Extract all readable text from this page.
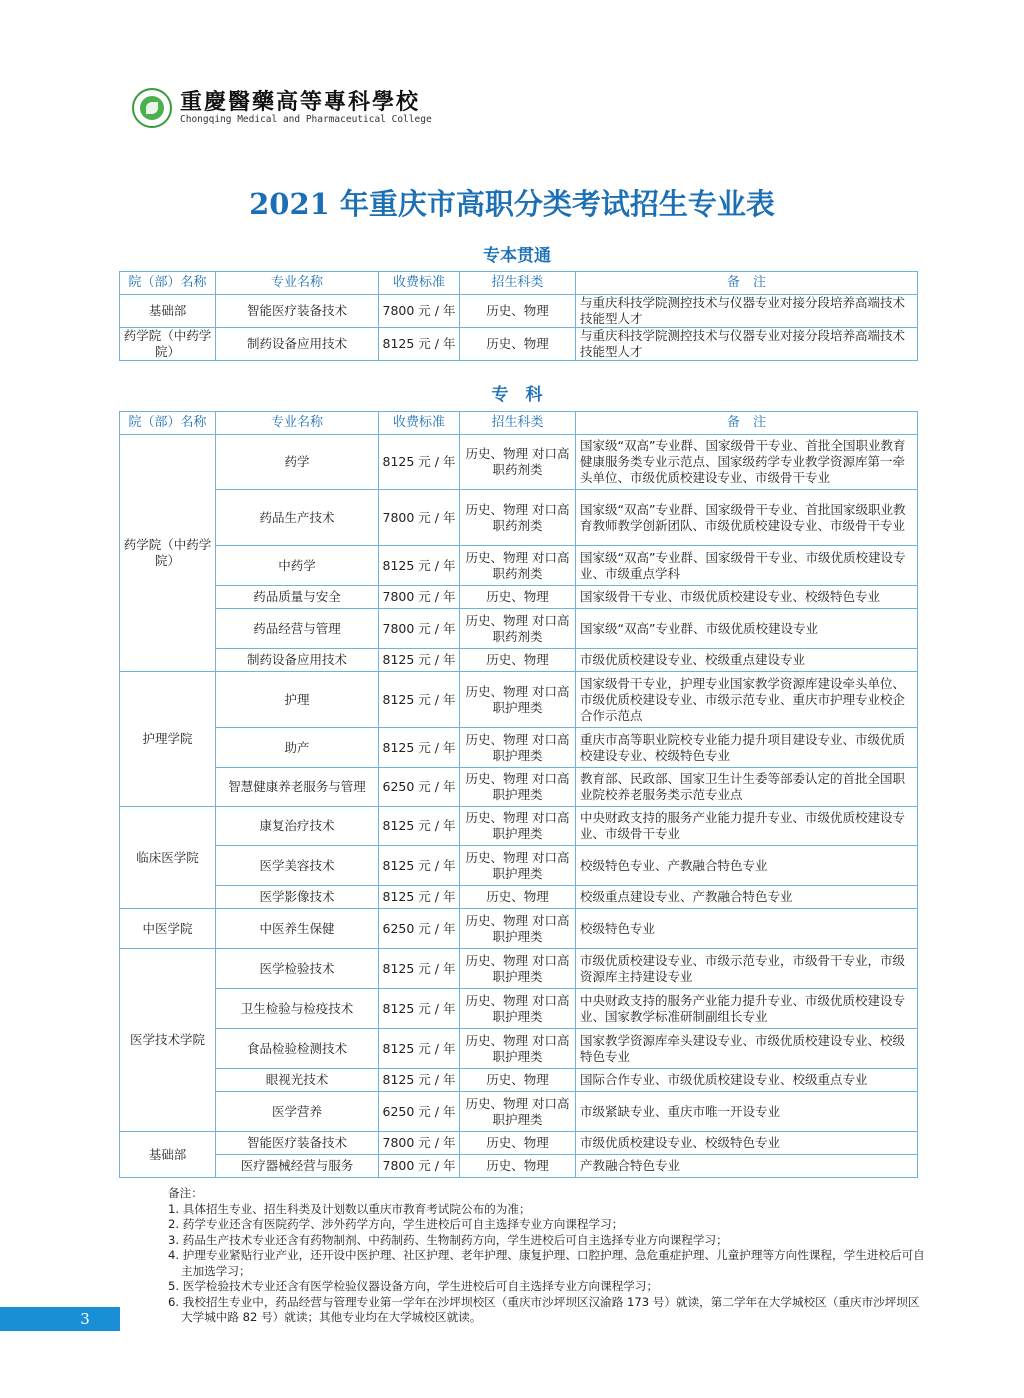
重慶醫藥高等專科學校
Chongqing Medical and Pharmaceutical College
2021 年重庆市高职分类考试招生专业表
专本贯通
院（部）名称	专业名称	收费标准	招生科类	备　注
基础部	智能医疗装备技术	7800 元 / 年	历史、物理	与重庆科技学院测控技术与仪器专业对接分段培养高端技术技能型人才
药学院（中药学院）	制药设备应用技术	8125 元 / 年	历史、物理	与重庆科技学院测控技术与仪器专业对接分段培养高端技术技能型人才
专　科
院（部）名称	专业名称	收费标准	招生科类	备　注
药学院（中药学院）	药学	8125 元 / 年	历史、物理 对口高职药剂类	国家级“双高”专业群、国家级骨干专业、首批全国职业教育健康服务类专业示范点、国家级药学专业教学资源库第一牵头单位、市级优质校建设专业、市级骨干专业
	药品生产技术	7800 元 / 年	历史、物理 对口高职药剂类	国家级“双高”专业群、国家级骨干专业、首批国家级职业教育教师教学创新团队、市级优质校建设专业、市级骨干专业
	中药学	8125 元 / 年	历史、物理 对口高职药剂类	国家级“双高”专业群、国家级骨干专业、市级优质校建设专业、市级重点学科
	药品质量与安全	7800 元 / 年	历史、物理	国家级骨干专业、市级优质校建设专业、校级特色专业
	药品经营与管理	7800 元 / 年	历史、物理 对口高职药剂类	国家级“双高”专业群、市级优质校建设专业
	制药设备应用技术	8125 元 / 年	历史、物理	市级优质校建设专业、校级重点建设专业
护理学院	护理	8125 元 / 年	历史、物理 对口高职护理类	国家级骨干专业，护理专业国家教学资源库建设牵头单位、市级优质校建设专业、市级示范专业、重庆市护理专业校企合作示范点
	助产	8125 元 / 年	历史、物理 对口高职护理类	重庆市高等职业院校专业能力提升项目建设专业、市级优质校建设专业、校级特色专业
	智慧健康养老服务与管理	6250 元 / 年	历史、物理 对口高职护理类	教育部、民政部、国家卫生计生委等部委认定的首批全国职业院校养老服务类示范专业点
临床医学院	康复治疗技术	8125 元 / 年	历史、物理 对口高职护理类	中央财政支持的服务产业能力提升专业、市级优质校建设专业、市级骨干专业
	医学美容技术	8125 元 / 年	历史、物理 对口高职护理类	校级特色专业、产教融合特色专业
	医学影像技术	8125 元 / 年	历史、物理	校级重点建设专业、产教融合特色专业
中医学院	中医养生保健	6250 元 / 年	历史、物理 对口高职护理类	校级特色专业
医学技术学院	医学检验技术	8125 元 / 年	历史、物理 对口高职护理类	市级优质校建设专业、市级示范专业，市级骨干专业，市级资源库主持建设专业
	卫生检验与检疫技术	8125 元 / 年	历史、物理 对口高职护理类	中央财政支持的服务产业能力提升专业、市级优质校建设专业、国家教学标准研制副组长专业
	食品检验检测技术	8125 元 / 年	历史、物理 对口高职护理类	国家教学资源库牵头建设专业、市级优质校建设专业、校级特色专业
	眼视光技术	8125 元 / 年	历史、物理	国际合作专业、市级优质校建设专业、校级重点专业
	医学营养	6250 元 / 年	历史、物理 对口高职护理类	市级紧缺专业、重庆市唯一开设专业
基础部	智能医疗装备技术	7800 元 / 年	历史、物理	市级优质校建设专业、校级特色专业
	医疗器械经营与服务	7800 元 / 年	历史、物理	产教融合特色专业
备注：
1. 具体招生专业、招生科类及计划数以重庆市教育考试院公布的为准；
2. 药学专业还含有医院药学、涉外药学方向，学生进校后可自主选择专业方向课程学习；
3. 药品生产技术专业还含有药物制剂、中药制药、生物制药方向，学生进校后可自主选择专业方向课程学习；
4. 护理专业紧贴行业产业，还开设中医护理、社区护理、老年护理、康复护理、口腔护理、急危重症护理、儿童护理等方向性课程，学生进校后可自主加选学习；
5. 医学检验技术专业还含有医学检验仪器设备方向，学生进校后可自主选择专业方向课程学习；
6. 我校招生专业中，药品经营与管理专业第一学年在沙坪坝校区（重庆市沙坪坝区汉渝路 173 号）就读，第二学年在大学城校区（重庆市沙坪坝区大学城中路 82 号）就读；其他专业均在大学城校区就读。
3
